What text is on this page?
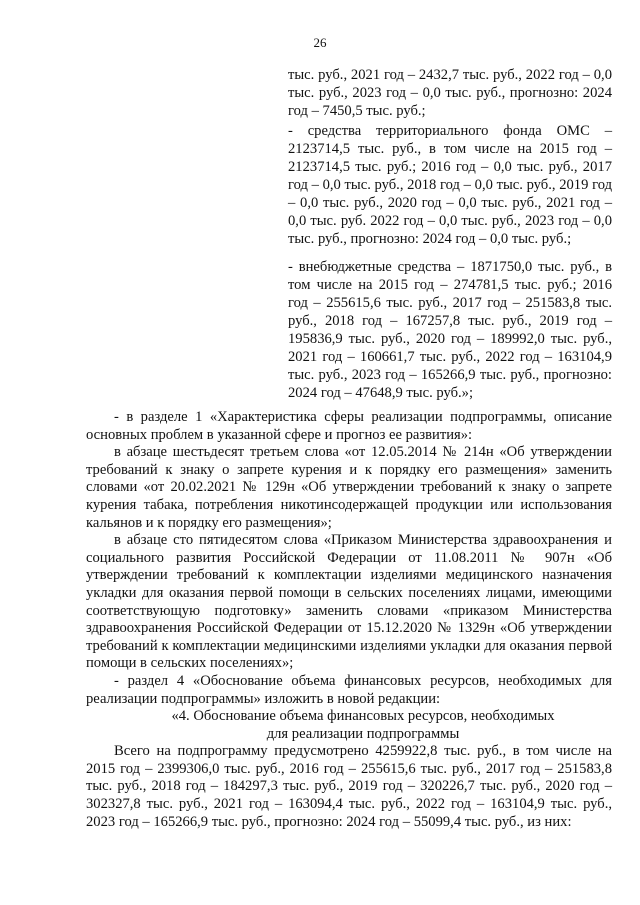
26

тыс. руб., 2021 год – 2432,7 тыс. руб., 2022 год – 0,0 тыс. руб., 2023 год – 0,0 тыс. руб., прогнозно: 2024 год – 7450,5 тыс. руб.;

- средства территориального фонда ОМС – 2123714,5 тыс. руб., в том числе на 2015 год – 2123714,5 тыс. руб.; 2016 год – 0,0 тыс. руб., 2017 год – 0,0 тыс. руб., 2018 год – 0,0 тыс. руб., 2019 год – 0,0 тыс. руб., 2020 год – 0,0 тыс. руб., 2021 год – 0,0 тыс. руб. 2022 год – 0,0 тыс. руб., 2023 год – 0,0 тыс. руб., прогнозно: 2024 год – 0,0 тыс. руб.;

- внебюджетные средства – 1871750,0 тыс. руб., в том числе на 2015 год – 274781,5 тыс. руб.; 2016 год – 255615,6 тыс. руб., 2017 год – 251583,8 тыс. руб., 2018 год – 167257,8 тыс. руб., 2019 год – 195836,9 тыс. руб., 2020 год – 189992,0 тыс. руб., 2021 год – 160661,7 тыс. руб., 2022 год – 163104,9 тыс. руб., 2023 год – 165266,9 тыс. руб., прогнозно: 2024 год – 47648,9 тыс. руб.»;

- в разделе 1 «Характеристика сферы реализации подпрограммы, описание основных проблем в указанной сфере и прогноз ее развития»:

в абзаце шестьдесят третьем слова «от 12.05.2014 № 214н «Об утверждении требований к знаку о запрете курения и к порядку его размещения» заменить словами «от 20.02.2021 № 129н «Об утверждении требований к знаку о запрете курения табака, потребления никотинсодержащей продукции или использования кальянов и к порядку его размещения»;

в абзаце сто пятидесятом слова «Приказом Министерства здравоохранения и социального развития Российской Федерации от 11.08.2011 № 907н «Об утверждении требований к комплектации изделиями медицинского назначения укладки для оказания первой помощи в сельских поселениях лицами, имеющими соответствующую подготовку» заменить словами «приказом Министерства здравоохранения Российской Федерации от 15.12.2020 № 1329н «Об утверждении требований к комплектации медицинскими изделиями укладки для оказания первой помощи в сельских поселениях»;

- раздел 4 «Обоснование объема финансовых ресурсов, необходимых для реализации подпрограммы» изложить в новой редакции:

«4. Обоснование объема финансовых ресурсов, необходимых

для реализации подпрограммы

Всего на подпрограмму предусмотрено 4259922,8 тыс. руб., в том числе на 2015 год – 2399306,0 тыс. руб., 2016 год – 255615,6 тыс. руб., 2017 год – 251583,8 тыс. руб., 2018 год – 184297,3 тыс. руб., 2019 год – 320226,7 тыс. руб., 2020 год – 302327,8 тыс. руб., 2021 год – 163094,4 тыс. руб., 2022 год – 163104,9 тыс. руб., 2023 год – 165266,9 тыс. руб., прогнозно: 2024 год – 55099,4 тыс. руб., из них:
